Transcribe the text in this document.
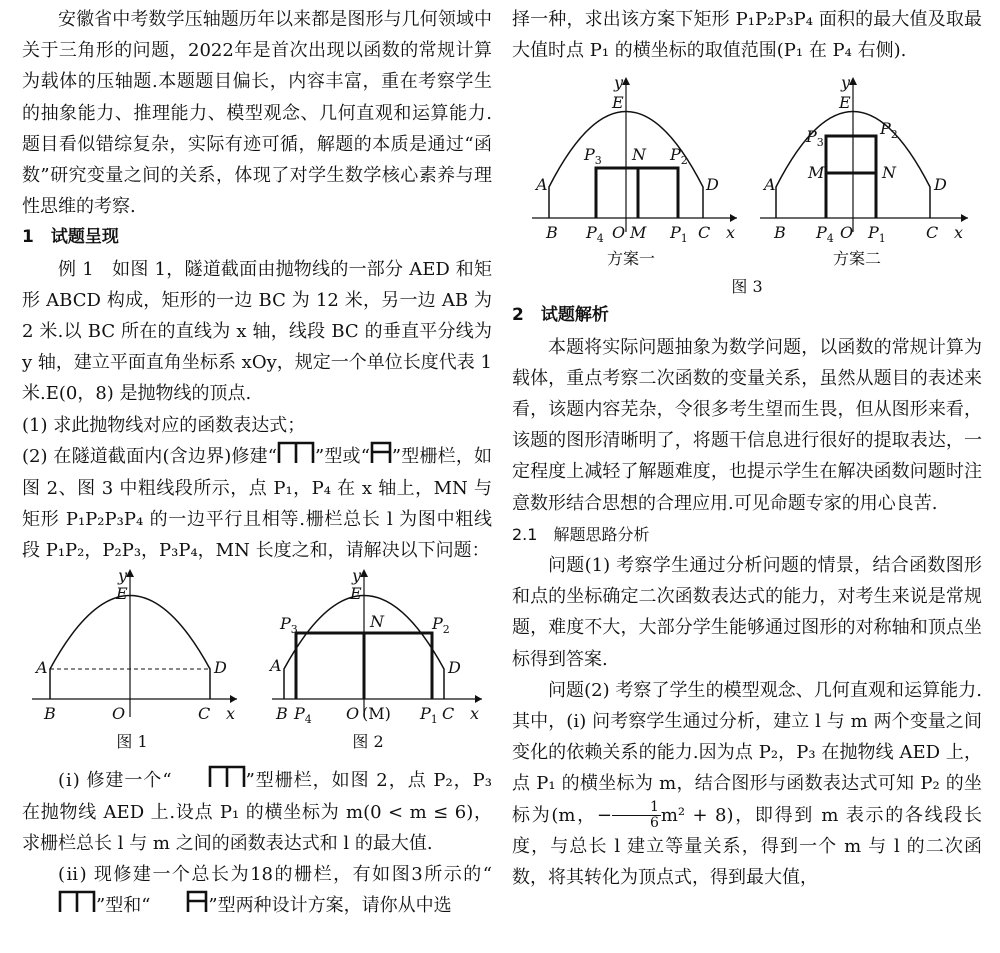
安徽省中考数学压轴题历年以来都是图形与几何领域中关于三角形的问题，2022年是首次出现以函数的常规计算为载体的压轴题.本题题目偏长，内容丰富，重在考察学生的抽象能力、推理能力、模型观念、几何直观和运算能力.题目看似错综复杂，实际有迹可循，解题的本质是通过“函数”研究变量之间的关系，体现了对学生数学核心素养与理性思维的考察.

1　试题呈现

例 1　如图 1，隧道截面由抛物线的一部分 AED 和矩形 ABCD 构成，矩形的一边 BC 为 12 米，另一边 AB 为 2 米.以 BC 所在的直线为 x 轴，线段 BC 的垂直平分线为 y 轴，建立平面直角坐标系 xOy，规定一个单位长度代表 1 米.E(0，8) 是抛物线的顶点.

(1) 求此抛物线对应的函数表达式；

(2) 在隧道截面内(含边界)修建“ ”型或“ ”型栅栏，如图 2、图 3 中粗线段所示，点 P₁，P₄ 在 x 轴上，MN 与矩形 P₁P₂P₃P₄ 的一边平行且相等.栅栏总长 l 为图中粗线段 P₁P₂，P₂P₃，P₃P₄，MN 长度之和，请解决以下问题：

y
E
A	D
B	O	C x
y
E
N
A	D
$P_3$	$P_2$
B $P_4$ O (M) $P_1$ C x
图 1	图 2

(ⅰ) 修建一个“	”型栅栏，如图 2，点 P₂，P₃ 在抛物线 AED 上.设点 P₁ 的横坐标为 m(0 < m ≤ 6)，求栅栏总长 l 与 m 之间的函数表达式和 l 的最大值.

(ⅱ) 现修建一个总长为18的栅栏，有如图3所示的“”型和“	”型两种设计方案，请你从中选

择一种，求出该方案下矩形 P₁P₂P₃P₄ 面积的最大值及取最大值时点 P₁ 的横坐标的取值范围(P₁ 在 P₄ 右侧).

y
E
A	D
$P_3$ N $P_2$
B $P_4$ O M $P_1$ C x
y
E
A	D
$P_3$
$P_2$
M	N
B $P_4$ O $P_1$	C x
方案一	方案二
图 3

2　试题解析

本题将实际问题抽象为数学问题，以函数的常规计算为载体，重点考察二次函数的变量关系，虽然从题目的表述来看，该题内容芜杂，令很多考生望而生畏，但从图形来看，该题的图形清晰明了，将题干信息进行很好的提取表达，一定程度上减轻了解题难度，也提示学生在解决函数问题时注意数形结合思想的合理应用.可见命题专家的用心良苦.

2.1　解题思路分析

问题(1) 考察学生通过分析问题的情景，结合函数图形和点的坐标确定二次函数表达式的能力，对考生来说是常规题，难度不大，大部分学生能够通过图形的对称轴和顶点坐标得到答案.

问题(2) 考察了学生的模型观念、几何直观和运算能力.其中，(ⅰ) 问考察学生通过分析，建立 l 与 m 两个变量之间变化的依赖关系的能力.因为点 P₂，P₃ 在抛物线 AED 上，点 P₁ 的横坐标为 m，结合图形与函数表达式可知 P₂ 的坐标为(m，− $\frac{1}{6} m^2 + 8$)，即得到 m 表示的各线段长度，与总长 l 建立等量关系，得到一个 m 与 l 的二次函数，将其转化为顶点式，得到最大值，
